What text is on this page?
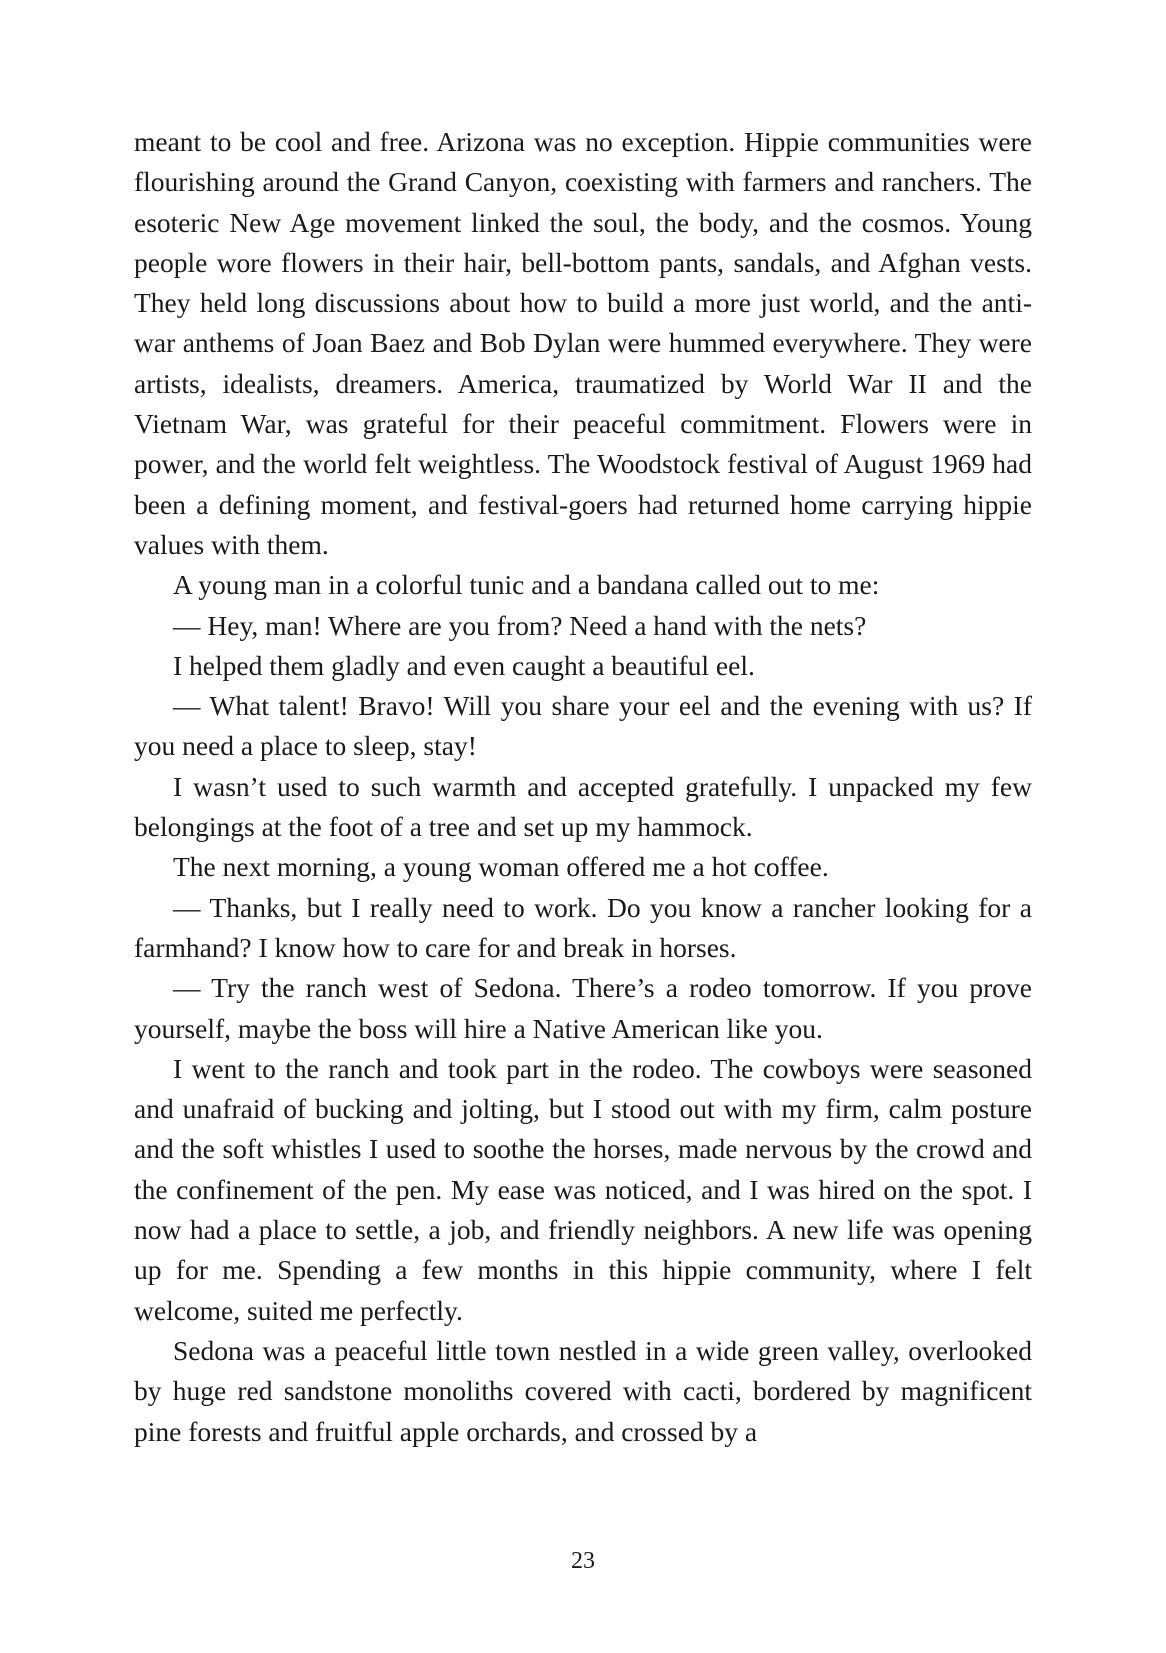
meant to be cool and free. Arizona was no exception. Hippie communities were flourishing around the Grand Canyon, coexisting with farmers and ranchers. The esoteric New Age movement linked the soul, the body, and the cosmos. Young people wore flowers in their hair, bell-bottom pants, sandals, and Afghan vests. They held long discussions about how to build a more just world, and the anti-war anthems of Joan Baez and Bob Dylan were hummed everywhere. They were artists, idealists, dreamers. America, traumatized by World War II and the Vietnam War, was grateful for their peaceful commitment. Flowers were in power, and the world felt weightless. The Woodstock festival of August 1969 had been a defining moment, and festival-goers had returned home carrying hippie values with them.

A young man in a colorful tunic and a bandana called out to me:

— Hey, man! Where are you from? Need a hand with the nets?

I helped them gladly and even caught a beautiful eel.

— What talent! Bravo! Will you share your eel and the evening with us? If you need a place to sleep, stay!

I wasn’t used to such warmth and accepted gratefully. I unpacked my few belongings at the foot of a tree and set up my hammock.

The next morning, a young woman offered me a hot coffee.

— Thanks, but I really need to work. Do you know a rancher looking for a farmhand? I know how to care for and break in horses.

— Try the ranch west of Sedona. There’s a rodeo tomorrow. If you prove yourself, maybe the boss will hire a Native American like you.

I went to the ranch and took part in the rodeo. The cowboys were seasoned and unafraid of bucking and jolting, but I stood out with my firm, calm posture and the soft whistles I used to soothe the horses, made nervous by the crowd and the confinement of the pen. My ease was noticed, and I was hired on the spot. I now had a place to settle, a job, and friendly neighbors. A new life was opening up for me. Spending a few months in this hippie community, where I felt welcome, suited me perfectly.

Sedona was a peaceful little town nestled in a wide green valley, overlooked by huge red sandstone monoliths covered with cacti, bordered by magnificent pine forests and fruitful apple orchards, and crossed by a

23
